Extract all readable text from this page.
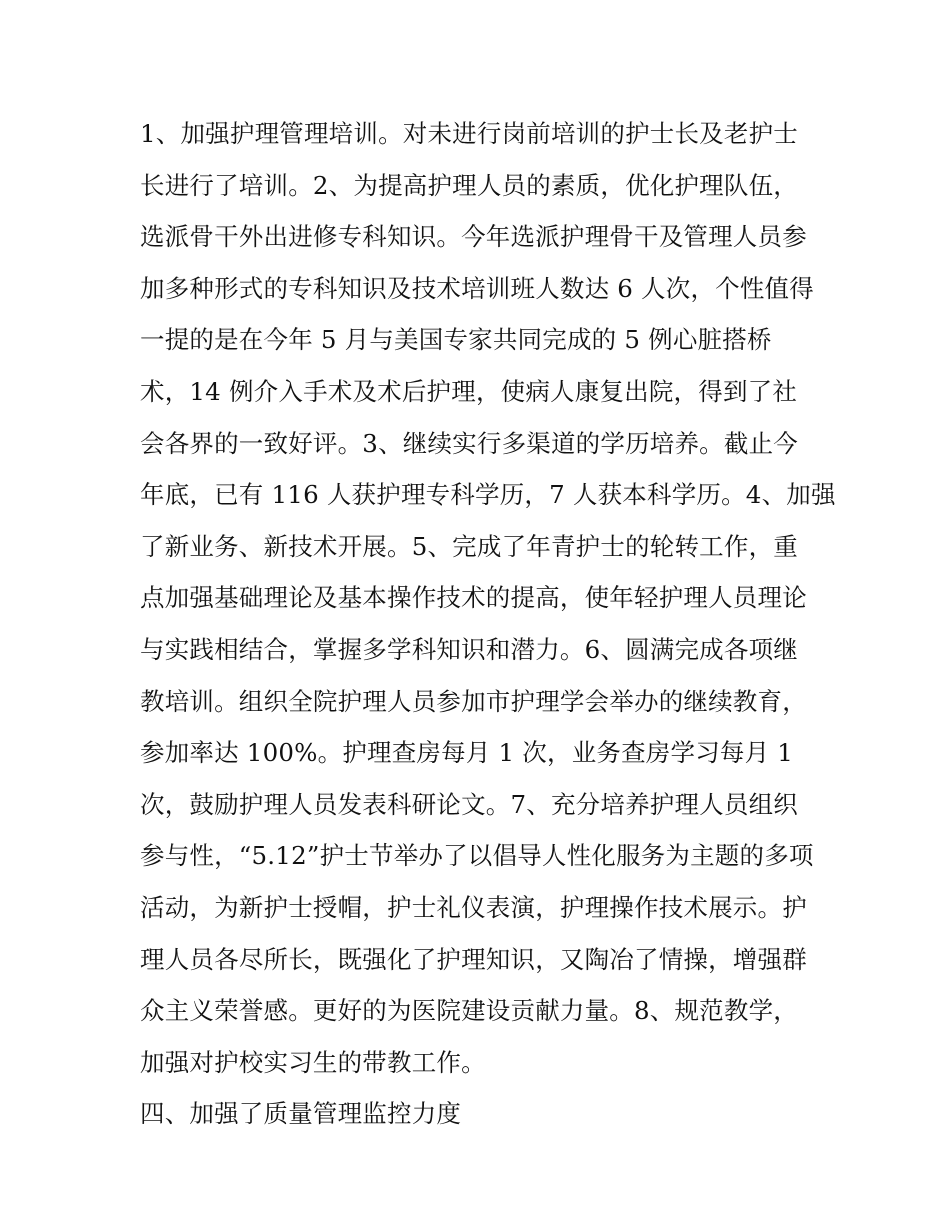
1、加强护理管理培训。对未进行岗前培训的护士长及老护士
长进行了培训。2、为提高护理人员的素质，优化护理队伍，
选派骨干外出进修专科知识。今年选派护理骨干及管理人员参
加多种形式的专科知识及技术培训班人数达 6 人次，个性值得
一提的是在今年 5 月与美国专家共同完成的 5 例心脏搭桥
术，14 例介入手术及术后护理，使病人康复出院，得到了社
会各界的一致好评。3、继续实行多渠道的学历培养。截止今
年底，已有 116 人获护理专科学历，7 人获本科学历。4、加强
了新业务、新技术开展。5、完成了年青护士的轮转工作，重
点加强基础理论及基本操作技术的提高，使年轻护理人员理论
与实践相结合，掌握多学科知识和潜力。6、圆满完成各项继
教培训。组织全院护理人员参加市护理学会举办的继续教育，
参加率达 100%。护理查房每月 1 次，业务查房学习每月 1
次，鼓励护理人员发表科研论文。7、充分培养护理人员组织
参与性，“5.12”护士节举办了以倡导人性化服务为主题的多项
活动，为新护士授帽，护士礼仪表演，护理操作技术展示。护
理人员各尽所长，既强化了护理知识，又陶冶了情操，增强群
众主义荣誉感。更好的为医院建设贡献力量。8、规范教学，
加强对护校实习生的带教工作。
四、加强了质量管理监控力度
